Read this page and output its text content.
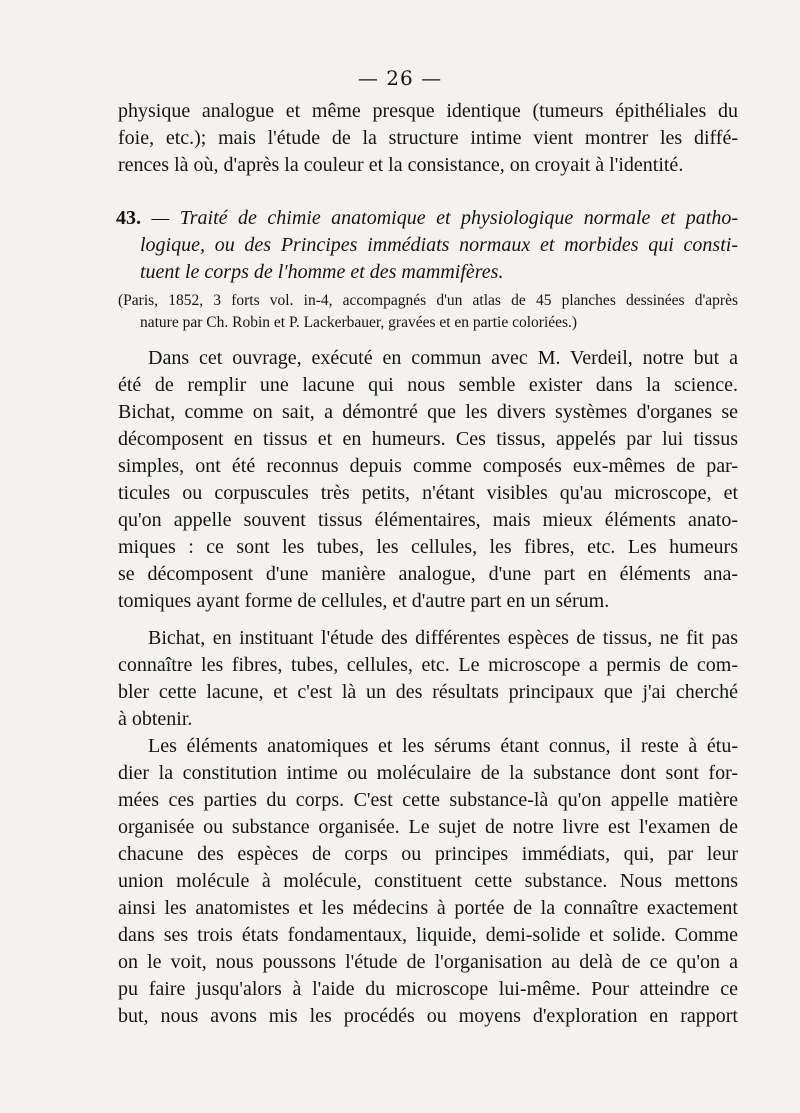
— 26 —
physique analogue et même presque identique (tumeurs épithéliales du
foie, etc.); mais l'étude de la structure intime vient montrer les diffé-
rences là où, d'après la couleur et la consistance, on croyait à l'identité.
43. — Traité de chimie anatomique et physiologique normale et patho-
logique, ou des Principes immédiats normaux et morbides qui consti-
tuent le corps de l'homme et des mammifères.
(Paris, 1852, 3 forts vol. in-4, accompagnés d'un atlas de 45 planches dessinées d'après
nature par Ch. Robin et P. Lackerbauer, gravées et en partie coloriées.)
Dans cet ouvrage, exécuté en commun avec M. Verdeil, notre but a
été de remplir une lacune qui nous semble exister dans la science.
Bichat, comme on sait, a démontré que les divers systèmes d'organes se
décomposent en tissus et en humeurs. Ces tissus, appelés par lui tissus
simples, ont été reconnus depuis comme composés eux-mêmes de par-
ticules ou corpuscules très petits, n'étant visibles qu'au microscope, et
qu'on appelle souvent tissus élémentaires, mais mieux éléments anato-
miques : ce sont les tubes, les cellules, les fibres, etc. Les humeurs
se décomposent d'une manière analogue, d'une part en éléments ana-
tomiques ayant forme de cellules, et d'autre part en un sérum.
Bichat, en instituant l'étude des différentes espèces de tissus, ne fit pas
connaître les fibres, tubes, cellules, etc. Le microscope a permis de com-
bler cette lacune, et c'est là un des résultats principaux que j'ai cherché
à obtenir.
Les éléments anatomiques et les sérums étant connus, il reste à étu-
dier la constitution intime ou moléculaire de la substance dont sont for-
mées ces parties du corps. C'est cette substance-là qu'on appelle matière
organisée ou substance organisée. Le sujet de notre livre est l'examen de
chacune des espèces de corps ou principes immédiats, qui, par leur
union molécule à molécule, constituent cette substance. Nous mettons
ainsi les anatomistes et les médecins à portée de la connaître exactement
dans ses trois états fondamentaux, liquide, demi-solide et solide. Comme
on le voit, nous poussons l'étude de l'organisation au delà de ce qu'on a
pu faire jusqu'alors à l'aide du microscope lui-même. Pour atteindre ce
but, nous avons mis les procédés ou moyens d'exploration en rapport
